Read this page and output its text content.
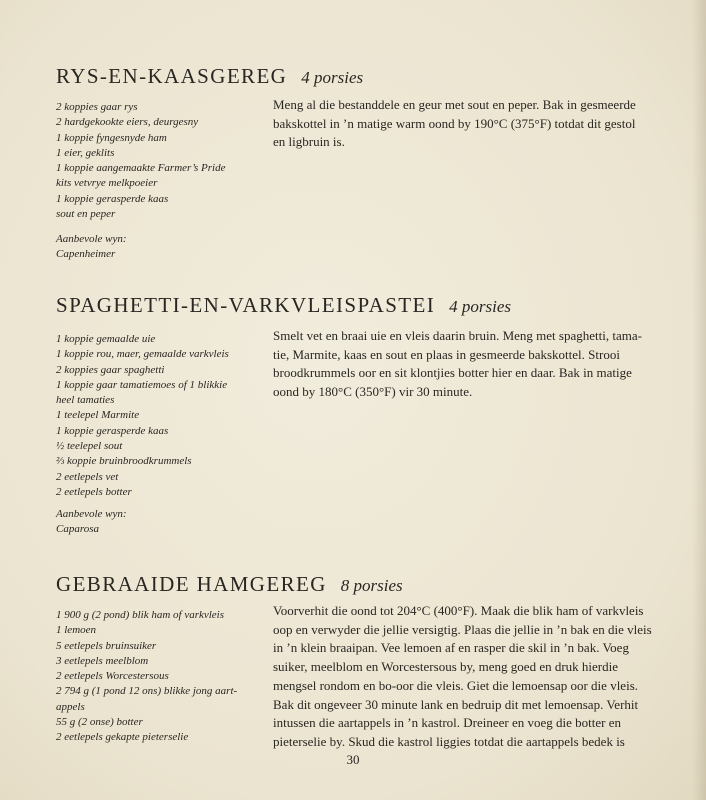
RYS-EN-KAASGEREG 4 porsies
2 koppies gaar rys
2 hardgekookte eiers, deurgesny
1 koppie fyngesnyde ham
1 eier, geklits
1 koppie aangemaakte Farmer’s Pride
kits vetvrye melkpoeier
1 koppie gerasperde kaas
sout en peper
Aanbevole wyn:
Capenheimer
Meng al die bestanddele en geur met sout en peper. Bak in gesmeerde
bakskottel in ’n matige warm oond by 190°C (375°F) totdat dit gestol
en ligbruin is.
SPAGHETTI-EN-VARKVLEISPASTEI 4 porsies
1 koppie gemaalde uie
1 koppie rou, maer, gemaalde varkvleis
2 koppies gaar spaghetti
1 koppie gaar tamatiemoes of 1 blikkie
heel tamaties
1 teelepel Marmite
1 koppie gerasperde kaas
½ teelepel sout
⅔ koppie bruinbroodkrummels
2 eetlepels vet
2 eetlepels botter
Aanbevole wyn:
Caparosa
Smelt vet en braai uie en vleis daarin bruin. Meng met spaghetti, tama-
tie, Marmite, kaas en sout en plaas in gesmeerde bakskottel. Strooi
broodkrummels oor en sit klontjies botter hier en daar. Bak in matige
oond by 180°C (350°F) vir 30 minute.
GEBRAAIDE HAMGEREG 8 porsies
1 900 g (2 pond) blik ham of varkvleis
1 lemoen
5 eetlepels bruinsuiker
3 eetlepels meelblom
2 eetlepels Worcestersous
2 794 g (1 pond 12 ons) blikke jong aart-
appels
55 g (2 onse) botter
2 eetlepels gekapte pieterselie
Voorverhit die oond tot 204°C (400°F). Maak die blik ham of varkvleis
oop en verwyder die jellie versigtig. Plaas die jellie in ’n bak en die vleis
in ’n klein braaipan. Vee lemoen af en rasper die skil in ’n bak. Voeg
suiker, meelblom en Worcestersous by, meng goed en druk hierdie
mengsel rondom en bo-oor die vleis. Giet die lemoensap oor die vleis.
Bak dit ongeveer 30 minute lank en bedruip dit met lemoensap. Verhit
intussen die aartappels in ’n kastrol. Dreineer en voeg die botter en
pieterselie by. Skud die kastrol liggies totdat die aartappels bedek is
30
